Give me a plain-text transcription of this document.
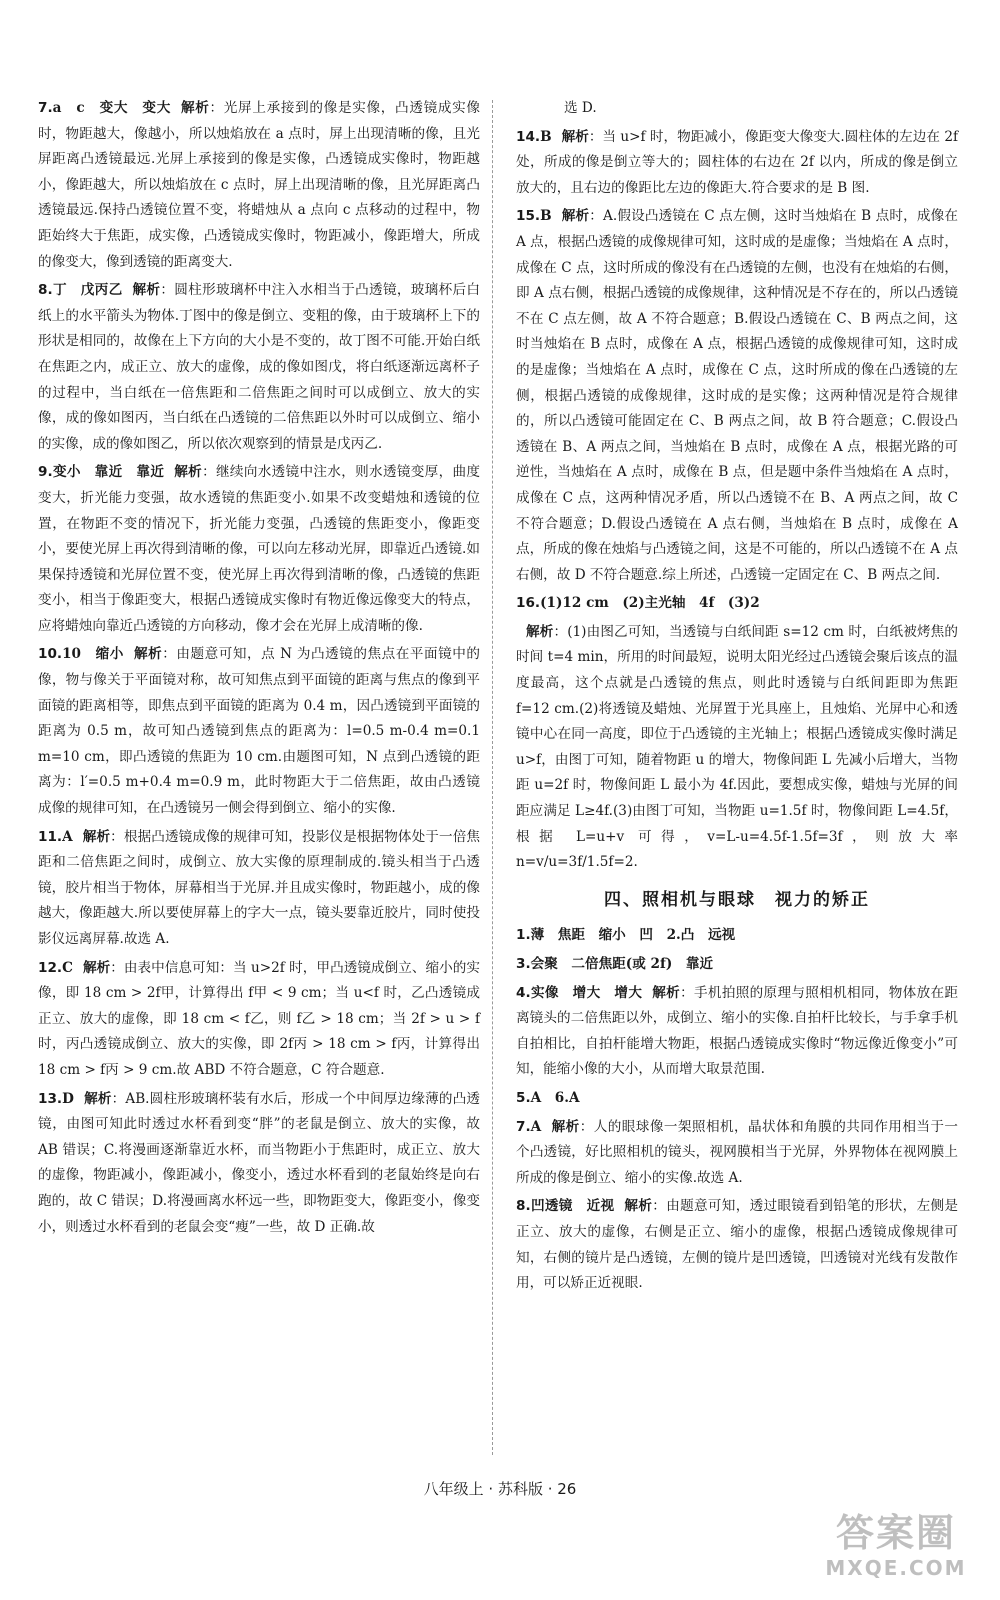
7.a　c　变大　变大 解析：光屏上承接到的像是实像，凸透镜成实像时，物距越大，像越小，所以烛焰放在 a 点时，屏上出现清晰的像，且光屏距离凸透镜最远.光屏上承接到的像是实像，凸透镜成实像时，物距越小，像距越大，所以烛焰放在 c 点时，屏上出现清晰的像，且光屏距离凸透镜最远.保持凸透镜位置不变，将蜡烛从 a 点向 c 点移动的过程中，物距始终大于焦距，成实像，凸透镜成实像时，物距减小，像距增大，所成的像变大，像到透镜的距离变大.
8.丁　戊丙乙 解析：圆柱形玻璃杯中注入水相当于凸透镜，玻璃杯后白纸上的水平箭头为物体.丁图中的像是倒立、变粗的像，由于玻璃杯上下的形状是相同的，故像在上下方向的大小是不变的，故丁图不可能.开始白纸在焦距之内，成正立、放大的虚像，成的像如图戊，将白纸逐渐远离杯子的过程中，当白纸在一倍焦距和二倍焦距之间时可以成倒立、放大的实像，成的像如图丙，当白纸在凸透镜的二倍焦距以外时可以成倒立、缩小的实像，成的像如图乙，所以依次观察到的情景是戊丙乙.
9.变小　靠近　靠近 解析：继续向水透镜中注水，则水透镜变厚，曲度变大，折光能力变强，故水透镜的焦距变小.如果不改变蜡烛和透镜的位置，在物距不变的情况下，折光能力变强，凸透镜的焦距变小，像距变小，要使光屏上再次得到清晰的像，可以向左移动光屏，即靠近凸透镜.如果保持透镜和光屏位置不变，使光屏上再次得到清晰的像，凸透镜的焦距变小，相当于像距变大，根据凸透镜成实像时有物近像远像变大的特点，应将蜡烛向靠近凸透镜的方向移动，像才会在光屏上成清晰的像.
10.10　缩小 解析：由题意可知，点 N 为凸透镜的焦点在平面镜中的像，物与像关于平面镜对称，故可知焦点到平面镜的距离与焦点的像到平面镜的距离相等，即焦点到平面镜的距离为 0.4 m，因凸透镜到平面镜的距离为 0.5 m，故可知凸透镜到焦点的距离为：l=0.5 m-0.4 m=0.1 m=10 cm，即凸透镜的焦距为 10 cm.由题图可知，N 点到凸透镜的距离为：l′=0.5 m+0.4 m=0.9 m，此时物距大于二倍焦距，故由凸透镜成像的规律可知，在凸透镜另一侧会得到倒立、缩小的实像.
11.A 解析：根据凸透镜成像的规律可知，投影仪是根据物体处于一倍焦距和二倍焦距之间时，成倒立、放大实像的原理制成的.镜头相当于凸透镜，胶片相当于物体，屏幕相当于光屏.并且成实像时，物距越小，成的像越大，像距越大.所以要使屏幕上的字大一点，镜头要靠近胶片，同时使投影仪远离屏幕.故选 A.
12.C 解析：由表中信息可知：当 u>2f 时，甲凸透镜成倒立、缩小的实像，即 18 cm > 2f甲，计算得出 f甲 < 9 cm；当 u<f 时，乙凸透镜成正立、放大的虚像，即 18 cm < f乙，则 f乙 > 18 cm；当 2f > u > f 时，丙凸透镜成倒立、放大的实像，即 2f丙 > 18 cm > f丙，计算得出 18 cm > f丙 > 9 cm.故 ABD 不符合题意，C 符合题意.
13.D 解析：AB.圆柱形玻璃杯装有水后，形成一个中间厚边缘薄的凸透镜，由图可知此时透过水杯看到变“胖”的老鼠是倒立、放大的实像，故 AB 错误；C.将漫画逐渐靠近水杯，而当物距小于焦距时，成正立、放大的虚像，物距减小，像距减小，像变小，透过水杯看到的老鼠始终是向右跑的，故 C 错误；D.将漫画离水杯远一些，即物距变大，像距变小，像变小，则透过水杯看到的老鼠会变“瘦”一些，故 D 正确.故
选 D.
14.B 解析：当 u>f 时，物距减小，像距变大像变大.圆柱体的左边在 2f 处，所成的像是倒立等大的；圆柱体的右边在 2f 以内，所成的像是倒立放大的，且右边的像距比左边的像距大.符合要求的是 B 图.
15.B 解析：A.假设凸透镜在 C 点左侧，这时当烛焰在 B 点时，成像在 A 点，根据凸透镜的成像规律可知，这时成的是虚像；当烛焰在 A 点时，成像在 C 点，这时所成的像没有在凸透镜的左侧，也没有在烛焰的右侧，即 A 点右侧，根据凸透镜的成像规律，这种情况是不存在的，所以凸透镜不在 C 点左侧，故 A 不符合题意；B.假设凸透镜在 C、B 两点之间，这时当烛焰在 B 点时，成像在 A 点，根据凸透镜的成像规律可知，这时成的是虚像；当烛焰在 A 点时，成像在 C 点，这时所成的像在凸透镜的左侧，根据凸透镜的成像规律，这时成的是实像；这两种情况是符合规律的，所以凸透镜可能固定在 C、B 两点之间，故 B 符合题意；C.假设凸透镜在 B、A 两点之间，当烛焰在 B 点时，成像在 A 点，根据光路的可逆性，当烛焰在 A 点时，成像在 B 点，但是题中条件当烛焰在 A 点时，成像在 C 点，这两种情况矛盾，所以凸透镜不在 B、A 两点之间，故 C 不符合题意；D.假设凸透镜在 A 点右侧，当烛焰在 B 点时，成像在 A 点，所成的像在烛焰与凸透镜之间，这是不可能的，所以凸透镜不在 A 点右侧，故 D 不符合题意.综上所述，凸透镜一定固定在 C、B 两点之间.
16.(1)12 cm　(2)主光轴　4f　(3)2
解析：(1)由图乙可知，当透镜与白纸间距 s=12 cm 时，白纸被烤焦的时间 t=4 min，所用的时间最短，说明太阳光经过凸透镜会聚后该点的温度最高，这个点就是凸透镜的焦点，则此时透镜与白纸间距即为焦距 f=12 cm.(2)将透镜及蜡烛、光屏置于光具座上，且烛焰、光屏中心和透镜中心在同一高度，即位于凸透镜的主光轴上；根据凸透镜成实像时满足 u>f，由图丁可知，随着物距 u 的增大，物像间距 L 先减小后增大，当物距 u=2f 时，物像间距 L 最小为 4f.因此，要想成实像，蜡烛与光屏的间距应满足 L≥4f.(3)由图丁可知，当物距 u=1.5f 时，物像间距 L=4.5f，根据 L=u+v 可得，v=L-u=4.5f-1.5f=3f，则放大率 n=v/u=3f/1.5f=2.
四、照相机与眼球　视力的矫正
1.薄　焦距　缩小　凹　2.凸　远视
3.会聚　二倍焦距(或 2f)　靠近
4.实像　增大　增大 解析：手机拍照的原理与照相机相同，物体放在距离镜头的二倍焦距以外，成倒立、缩小的实像.自拍杆比较长，与手拿手机自拍相比，自拍杆能增大物距，根据凸透镜成实像时“物远像近像变小”可知，能缩小像的大小，从而增大取景范围.
5.A　6.A
7.A 解析：人的眼球像一架照相机，晶状体和角膜的共同作用相当于一个凸透镜，好比照相机的镜头，视网膜相当于光屏，外界物体在视网膜上所成的像是倒立、缩小的实像.故选 A.
8.凹透镜　近视 解析：由题意可知，透过眼镜看到铅笔的形状，左侧是正立、放大的虚像，右侧是正立、缩小的虚像，根据凸透镜成像规律可知，右侧的镜片是凸透镜，左侧的镜片是凹透镜，凹透镜对光线有发散作用，可以矫正近视眼.
八年级上 · 苏科版 · 26
答案圈
MXQE.COM
